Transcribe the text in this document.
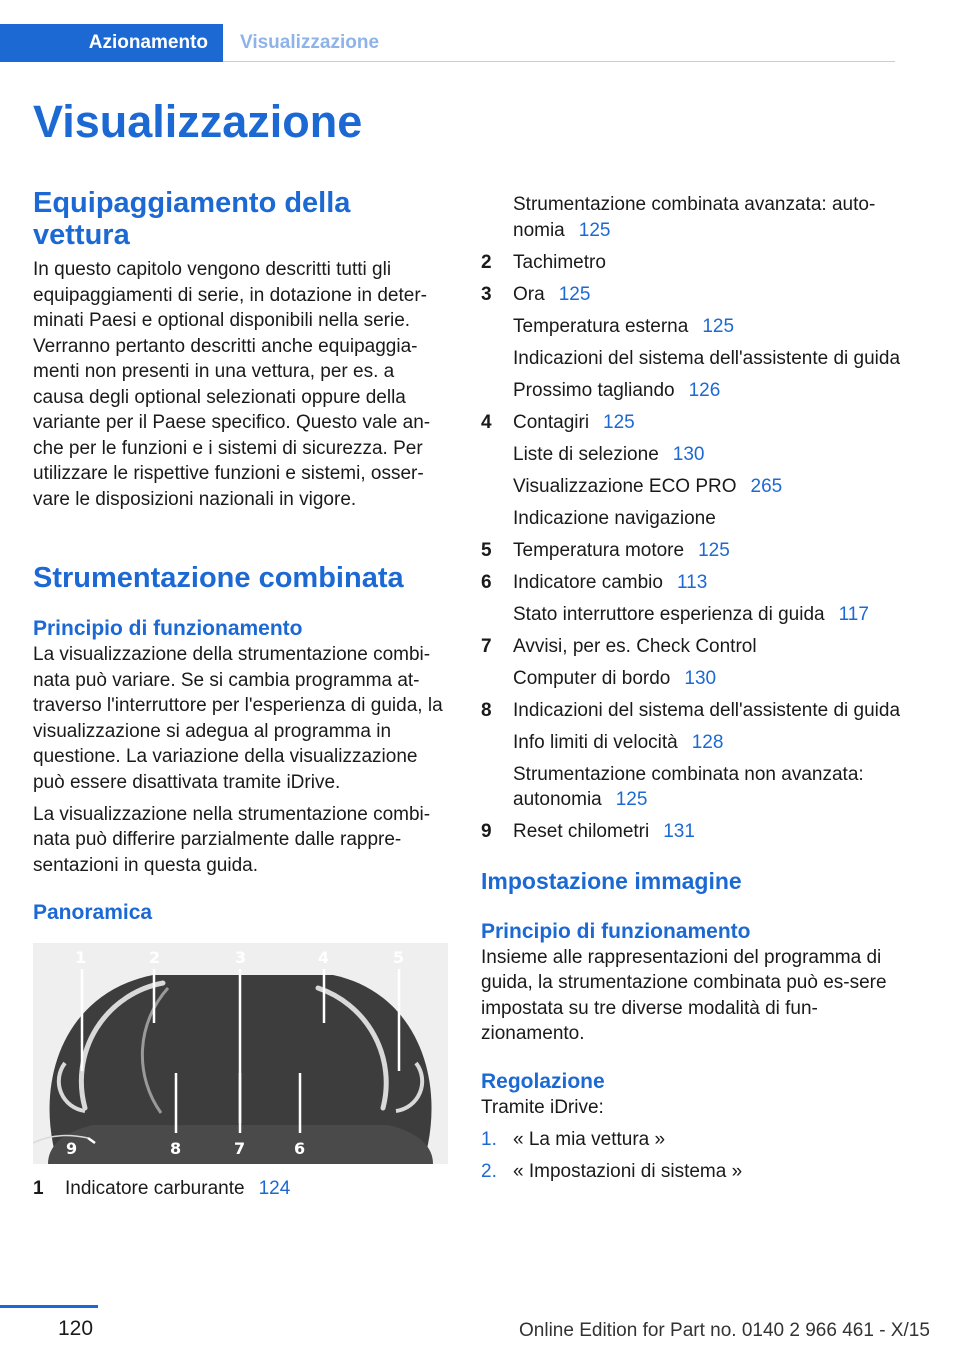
Azionamento	Visualizzazione
Visualizzazione
Equipaggiamento della vettura

In questo capitolo vengono descritti tutti gli equipaggiamenti di serie, in dotazione in deter-minati Paesi e optional disponibili nella serie. Verranno pertanto descritti anche equipaggia-menti non presenti in una vettura, per es. a causa degli optional selezionati oppure della variante per il Paese specifico. Questo vale an-che per le funzioni e i sistemi di sicurezza. Per utilizzare le rispettive funzioni e sistemi, osser-vare le disposizioni nazionali in vigore.

Strumentazione combinata
Principio di funzionamento

La visualizzazione della strumentazione combi-nata può variare. Se si cambia programma at-traverso l'interruttore per l'esperienza di guida, la visualizzazione si adegua al programma in questione. La variazione della visualizzazione può essere disattivata tramite iDrive.

La visualizzazione nella strumentazione combi-nata può differire parzialmente dalle rappre-sentazioni in questa guida.

Panoramica
1	2	3	4	5
6
7
8
9
1 Indicatore carburante 124
Strumentazione combinata avanzata: auto-nomia 125
2 Tachimetro
3 Ora 125
Temperatura esterna 125
Indicazioni del sistema dell'assistente di guida
Prossimo tagliando 126
4 Contagiri 125
Liste di selezione 130
Visualizzazione ECO PRO 265
Indicazione navigazione
5 Temperatura motore 125
6 Indicatore cambio 113
Stato interruttore esperienza di guida 117
7 Avvisi, per es. Check Control
Computer di bordo 130
8 Indicazioni del sistema dell'assistente di guida
Info limiti di velocità 128
Strumentazione combinata non avanzata: autonomia 125
9 Reset chilometri 131
Impostazione immagine
Principio di funzionamento

Insieme alle rappresentazioni del programma di guida, la strumentazione combinata può es-sere impostata su tre diverse modalità di fun-zionamento.

Regolazione

Tramite iDrive:

1. « La mia vettura »
2. « Impostazioni di sistema »
120	Online Edition for Part no. 0140 2 966 461 - X/15
